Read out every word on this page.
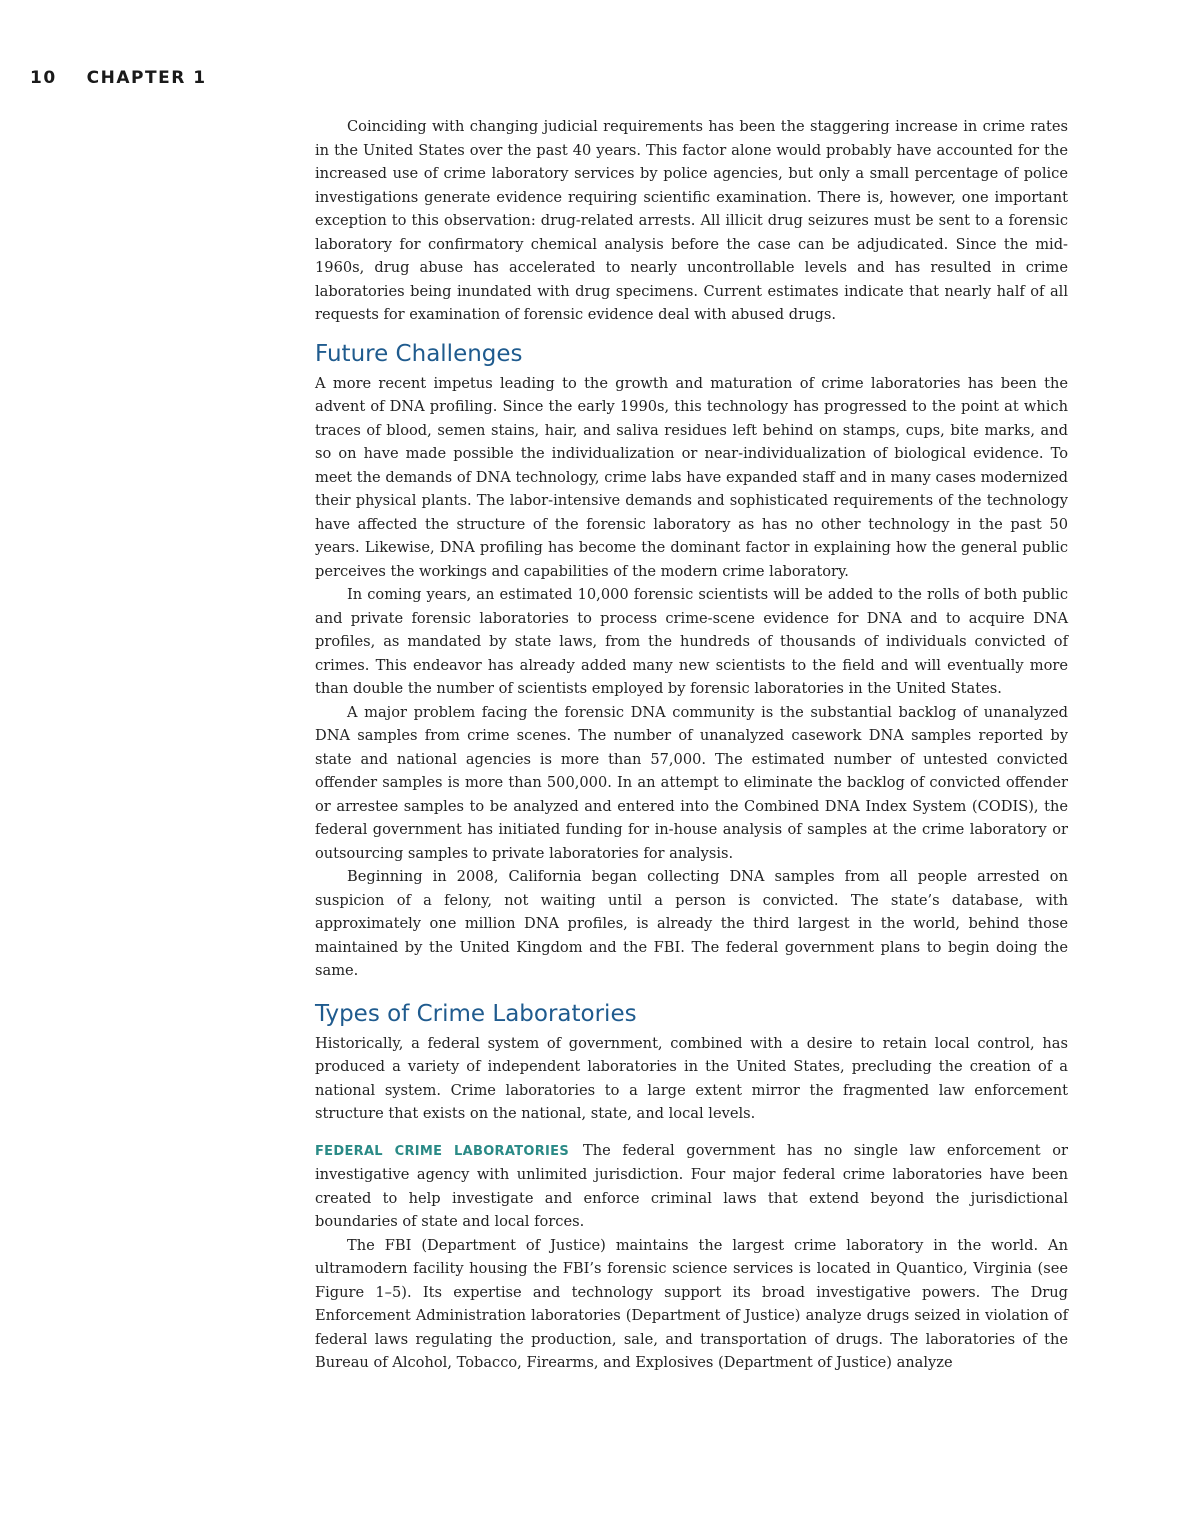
10 CHAPTER 1

Coinciding with changing judicial requirements has been the staggering increase in crime rates in the United States over the past 40 years. This factor alone would probably have accounted for the increased use of crime laboratory services by police agencies, but only a small percentage of police investigations generate evidence requiring scientific examination. There is, however, one important exception to this observation: drug-related arrests. All illicit drug seizures must be sent to a forensic laboratory for confirmatory chemical analysis before the case can be adjudicated. Since the mid-1960s, drug abuse has accelerated to nearly uncontrollable levels and has resulted in crime laboratories being inundated with drug specimens. Current estimates indicate that nearly half of all requests for examination of forensic evidence deal with abused drugs.

Future Challenges

A more recent impetus leading to the growth and maturation of crime laboratories has been the advent of DNA profiling. Since the early 1990s, this technology has progressed to the point at which traces of blood, semen stains, hair, and saliva residues left behind on stamps, cups, bite marks, and so on have made possible the individualization or near-individualization of biological evidence. To meet the demands of DNA technology, crime labs have expanded staff and in many cases modernized their physical plants. The labor-intensive demands and sophisticated requirements of the technology have affected the structure of the forensic laboratory as has no other technology in the past 50 years. Likewise, DNA profiling has become the dominant factor in explaining how the general public perceives the workings and capabilities of the modern crime laboratory.

In coming years, an estimated 10,000 forensic scientists will be added to the rolls of both public and private forensic laboratories to process crime-scene evidence for DNA and to acquire DNA profiles, as mandated by state laws, from the hundreds of thousands of individuals convicted of crimes. This endeavor has already added many new scientists to the field and will eventually more than double the number of scientists employed by forensic laboratories in the United States.

A major problem facing the forensic DNA community is the substantial backlog of unanalyzed DNA samples from crime scenes. The number of unanalyzed casework DNA samples reported by state and national agencies is more than 57,000. The estimated number of untested convicted offender samples is more than 500,000. In an attempt to eliminate the backlog of convicted offender or arrestee samples to be analyzed and entered into the Combined DNA Index System (CODIS), the federal government has initiated funding for in-house analysis of samples at the crime laboratory or outsourcing samples to private laboratories for analysis.

Beginning in 2008, California began collecting DNA samples from all people arrested on suspicion of a felony, not waiting until a person is convicted. The state’s database, with approximately one million DNA profiles, is already the third largest in the world, behind those maintained by the United Kingdom and the FBI. The federal government plans to begin doing the same.

Types of Crime Laboratories

Historically, a federal system of government, combined with a desire to retain local control, has produced a variety of independent laboratories in the United States, precluding the creation of a national system. Crime laboratories to a large extent mirror the fragmented law enforcement structure that exists on the national, state, and local levels.

FEDERAL CRIME LABORATORIES The federal government has no single law enforcement or investigative agency with unlimited jurisdiction. Four major federal crime laboratories have been created to help investigate and enforce criminal laws that extend beyond the jurisdictional boundaries of state and local forces.

The FBI (Department of Justice) maintains the largest crime laboratory in the world. An ultramodern facility housing the FBI’s forensic science services is located in Quantico, Virginia (see Figure 1–5). Its expertise and technology support its broad investigative powers. The Drug Enforcement Administration laboratories (Department of Justice) analyze drugs seized in violation of federal laws regulating the production, sale, and transportation of drugs. The laboratories of the Bureau of Alcohol, Tobacco, Firearms, and Explosives (Department of Justice) analyze
